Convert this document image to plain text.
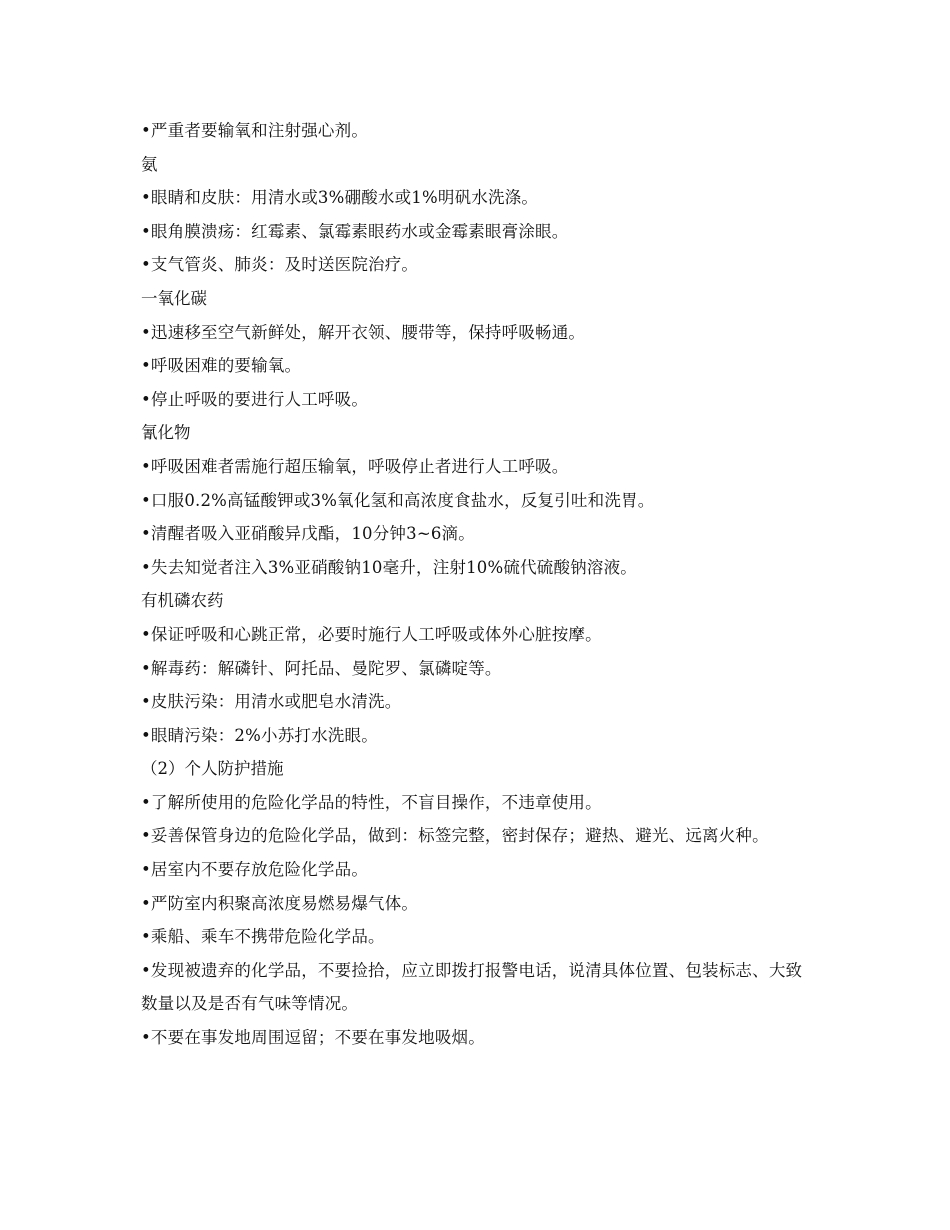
•严重者要输氧和注射强心剂。
氨
•眼睛和皮肤：用清水或3%硼酸水或1%明矾水洗涤。
•眼角膜溃疡：红霉素、氯霉素眼药水或金霉素眼膏涂眼。
•支气管炎、肺炎：及时送医院治疗。
一氧化碳
•迅速移至空气新鲜处，解开衣领、腰带等，保持呼吸畅通。
•呼吸困难的要输氧。
•停止呼吸的要进行人工呼吸。
氰化物
•呼吸困难者需施行超压输氧，呼吸停止者进行人工呼吸。
•口服0.2%高锰酸钾或3%氧化氢和高浓度食盐水，反复引吐和洗胃。
•清醒者吸入亚硝酸异戊酯，10分钟3~6滴。
•失去知觉者注入3%亚硝酸钠10毫升，注射10%硫代硫酸钠溶液。
有机磷农药
•保证呼吸和心跳正常，必要时施行人工呼吸或体外心脏按摩。
•解毒药：解磷针、阿托品、曼陀罗、氯磷啶等。
•皮肤污染：用清水或肥皂水清洗。
•眼睛污染：2%小苏打水洗眼。
（2）个人防护措施
•了解所使用的危险化学品的特性，不盲目操作，不违章使用。
•妥善保管身边的危险化学品，做到：标签完整，密封保存；避热、避光、远离火种。
•居室内不要存放危险化学品。
•严防室内积聚高浓度易燃易爆气体。
•乘船、乘车不携带危险化学品。
•发现被遗弃的化学品，不要捡拾，应立即拨打报警电话，说清具体位置、包装标志、大致数量以及是否有气味等情况。
•不要在事发地周围逗留；不要在事发地吸烟。
